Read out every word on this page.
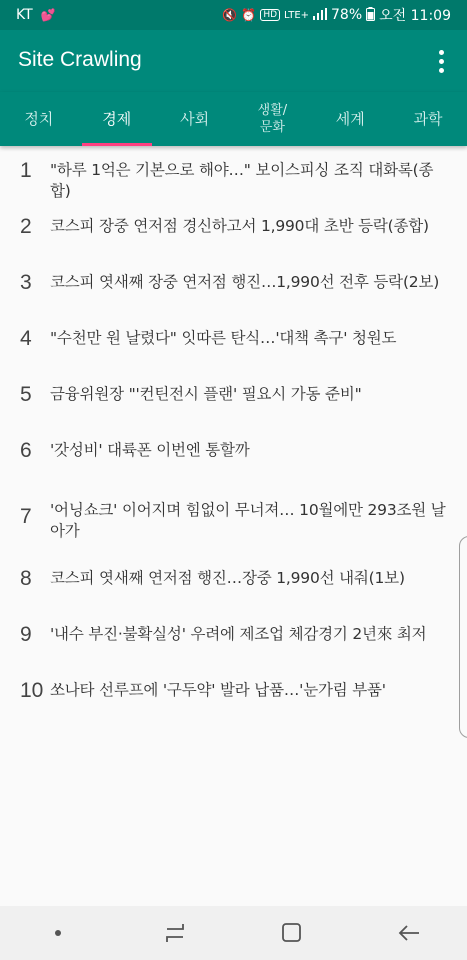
KT 💕	🔇 ⏰ HD LTE+ 78% 오전 11:09
Site Crawling
정치	경제	사회	생활/
문화	세계	과학
1	"하루 1억은 기본으로 해야…" 보이스피싱 조직 대화록(종합)
2	코스피 장중 연저점 경신하고서 1,990대 초반 등락(종합)
3	코스피 엿새째 장중 연저점 행진…1,990선 전후 등락(2보)
4	"수천만 원 날렸다" 잇따른 탄식…'대책 촉구' 청원도
5	금융위원장 "'컨틴전시 플랜' 필요시 가동 준비"
6	'갓성비' 대륙폰 이번엔 통할까
7	'어닝쇼크' 이어지며 힘없이 무너져… 10월에만 293조원 날아가
8	코스피 엿새째 연저점 행진…장중 1,990선 내줘(1보)
9	'내수 부진·불확실성' 우려에 제조업 체감경기 2년來 최저
10 쏘나타 선루프에 '구두약' 발라 납품…'눈가림 부품'
